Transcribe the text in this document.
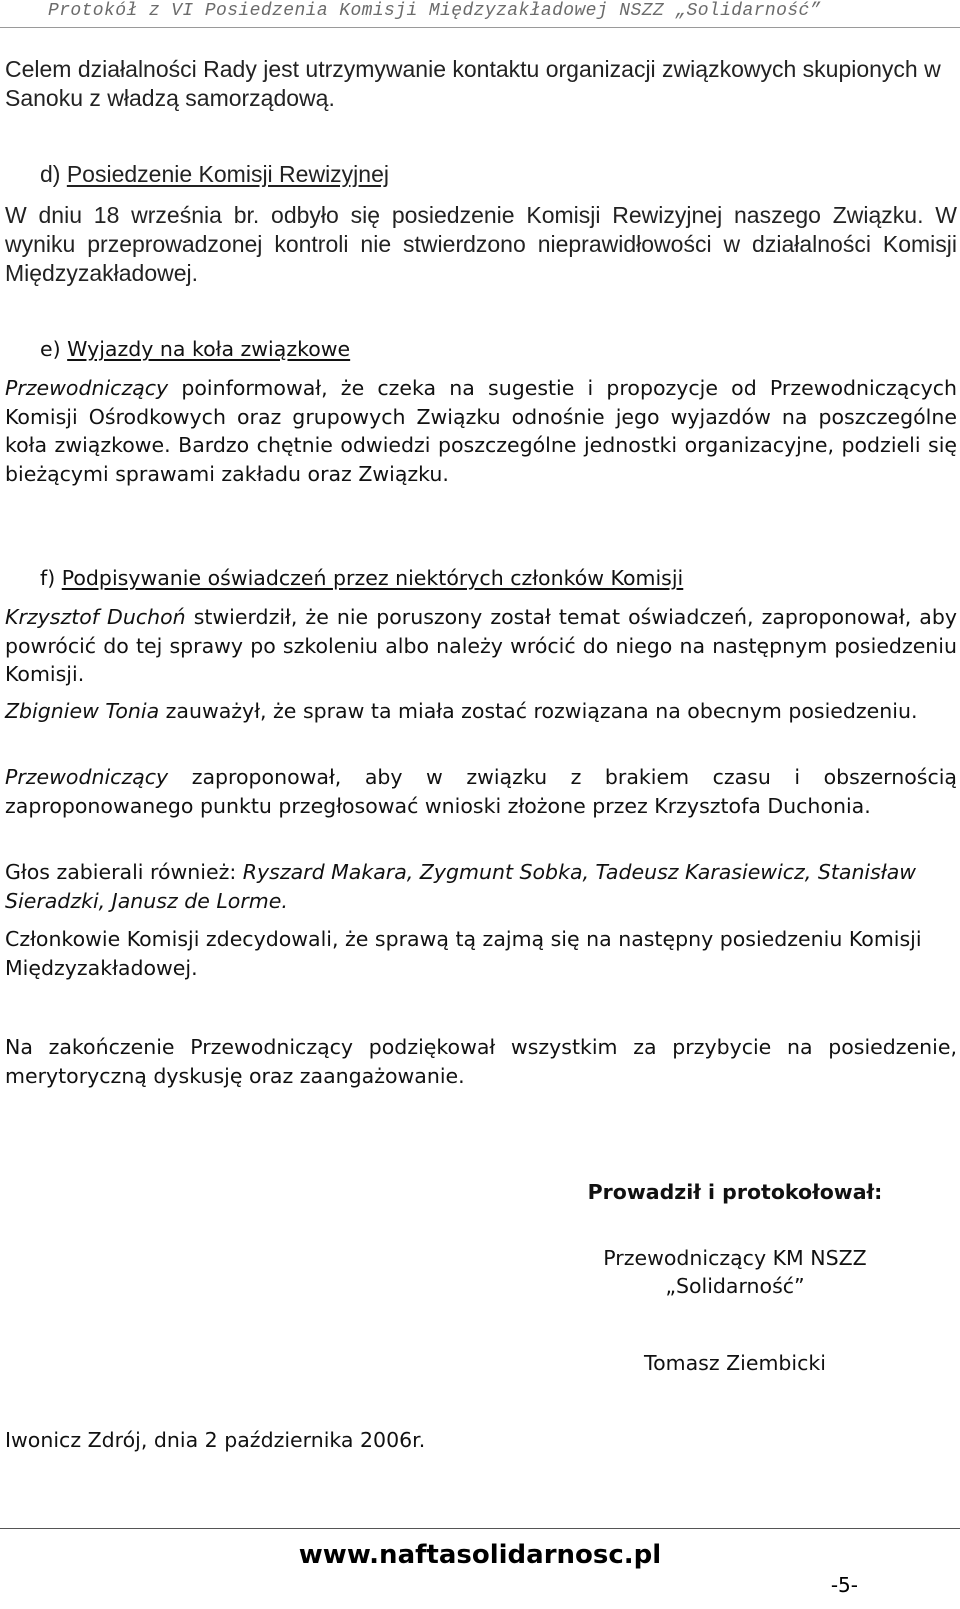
Protokół z VI Posiedzenia Komisji Międzyzakładowej NSZZ „Solidarność”
Celem działalności Rady jest utrzymywanie kontaktu organizacji związkowych skupionych w Sanoku z władzą samorządową.
d) Posiedzenie Komisji Rewizyjnej
W dniu 18 września br. odbyło się posiedzenie Komisji Rewizyjnej naszego Związku. W wyniku przeprowadzonej kontroli nie stwierdzono nieprawidłowości w działalności Komisji Międzyzakładowej.
e) Wyjazdy na koła związkowe
Przewodniczący poinformował, że czeka na sugestie i propozycje od Przewodniczących Komisji Ośrodkowych oraz grupowych Związku odnośnie jego wyjazdów na poszczególne koła związkowe. Bardzo chętnie odwiedzi poszczególne jednostki organizacyjne, podzieli się bieżącymi sprawami zakładu oraz Związku.
f) Podpisywanie oświadczeń przez niektórych członków Komisji
Krzysztof Duchoń stwierdził, że nie poruszony został temat oświadczeń, zaproponował, aby powrócić do tej sprawy po szkoleniu albo należy wrócić do niego na następnym posiedzeniu Komisji.
Zbigniew Tonia zauważył, że spraw ta miała zostać rozwiązana na obecnym posiedzeniu.
Przewodniczący zaproponował, aby w związku z brakiem czasu i obszernością zaproponowanego punktu przegłosować wnioski złożone przez Krzysztofa Duchonia.
Głos zabierali również: Ryszard Makara, Zygmunt Sobka, Tadeusz Karasiewicz, Stanisław Sieradzki, Janusz de Lorme.
Członkowie Komisji zdecydowali, że sprawą tą zajmą się na następny posiedzeniu Komisji Międzyzakładowej.
Na zakończenie Przewodniczący podziękował wszystkim za przybycie na posiedzenie, merytoryczną dyskusję oraz zaangażowanie.
Prowadził i protokołował:
Przewodniczący KM NSZZ
„Solidarność”
Tomasz Ziembicki
Iwonicz Zdrój, dnia 2 października 2006r.
www.naftasolidarnosc.pl
-5-
